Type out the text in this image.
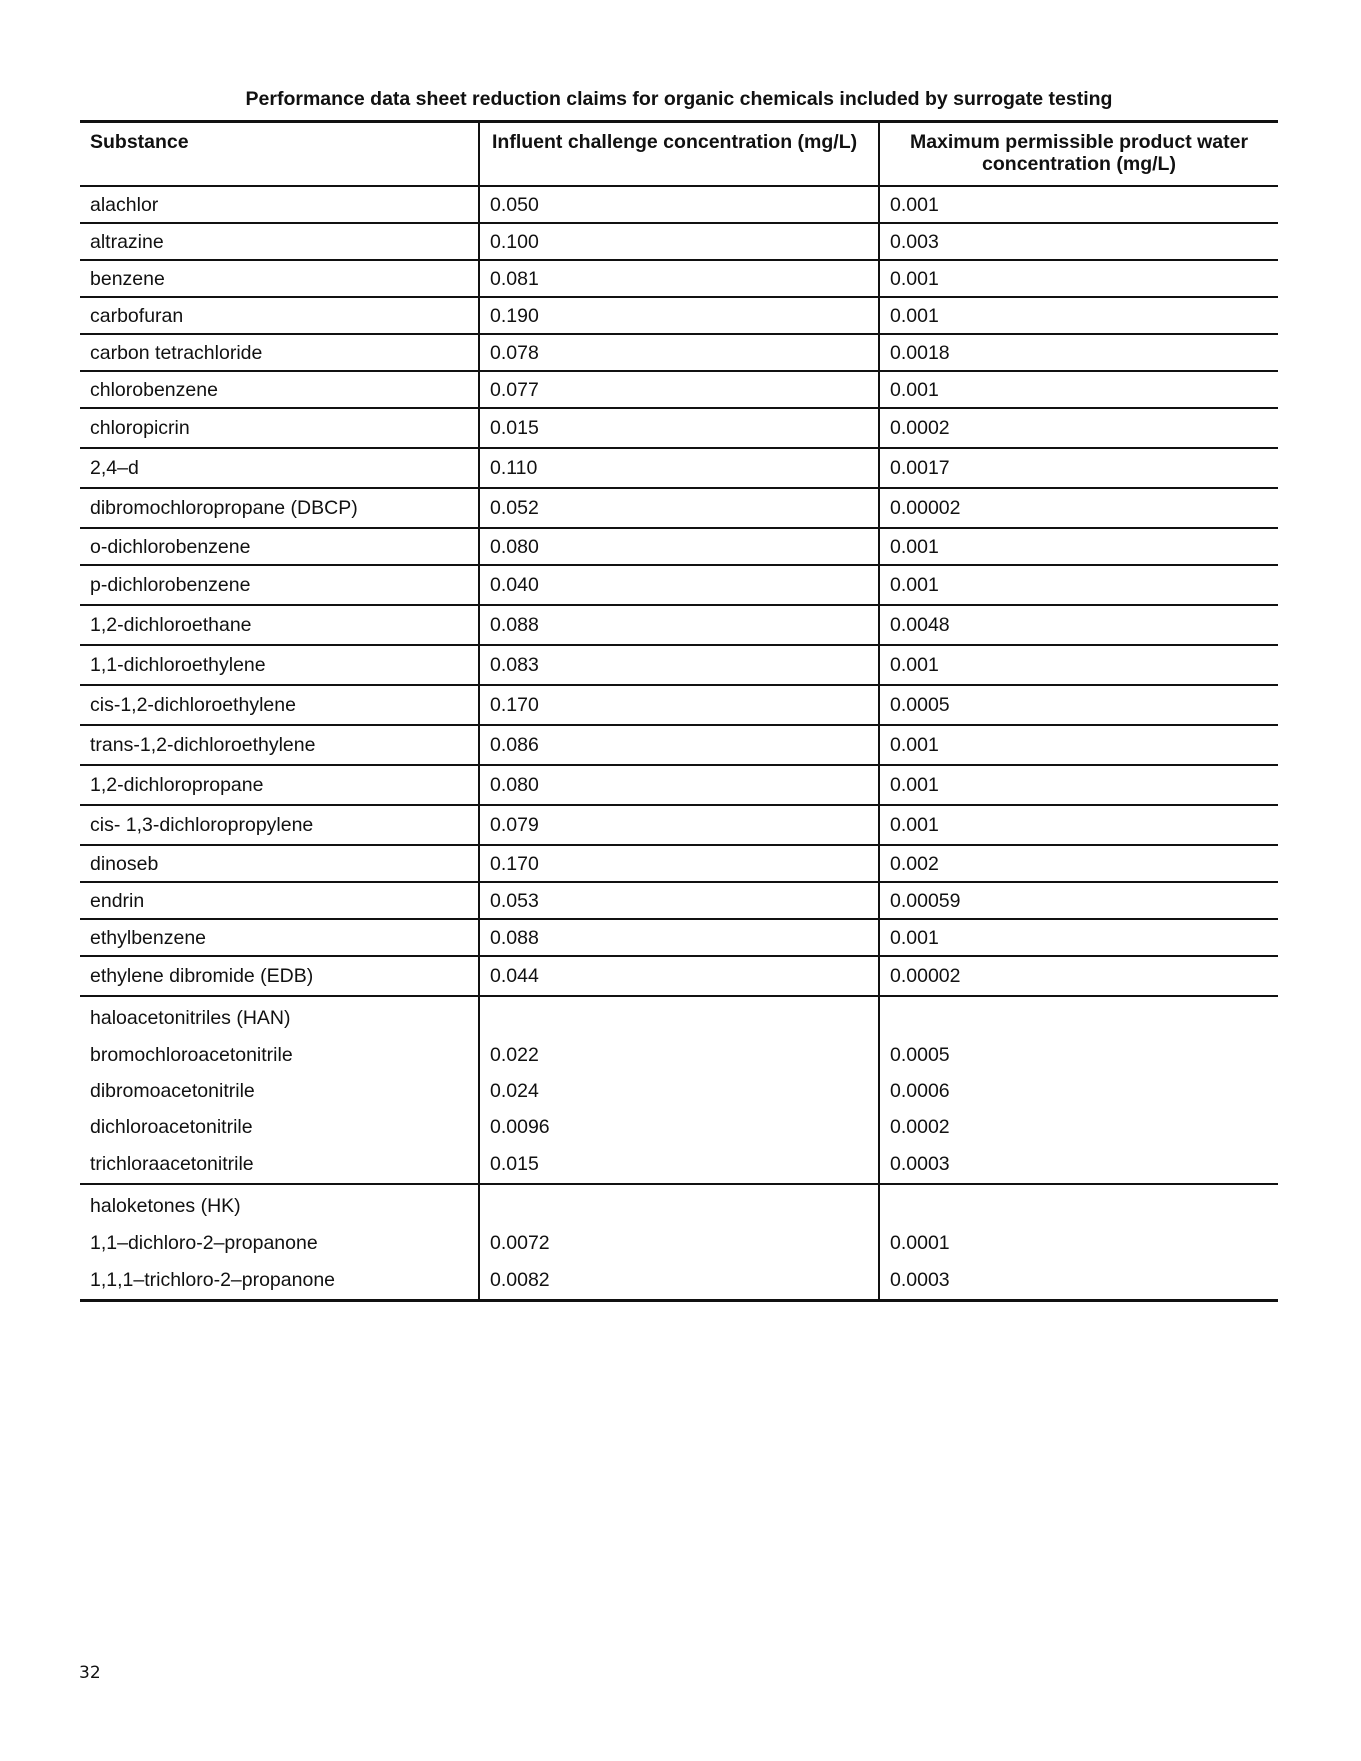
Performance data sheet reduction claims for organic chemicals included by surrogate testing
Substance	Influent challenge concentration (mg/L)	Maximum permissible product water concentration (mg/L)
alachlor	0.050	0.001
altrazine	0.100	0.003
benzene	0.081	0.001
carbofuran	0.190	0.001
carbon tetrachloride	0.078	0.0018
chlorobenzene	0.077	0.001
chloropicrin	0.015	0.0002
2,4–d	0.110	0.0017
dibromochloropropane (DBCP)	0.052	0.00002
o-dichlorobenzene	0.080	0.001
p-dichlorobenzene	0.040	0.001
1,2-dichloroethane	0.088	0.0048
1,1-dichloroethylene	0.083	0.001
cis-1,2-dichloroethylene	0.170	0.0005
trans-1,2-dichloroethylene	0.086	0.001
1,2-dichloropropane	0.080	0.001
cis- 1,3-dichloropropylene	0.079	0.001
dinoseb	0.170	0.002
endrin	0.053	0.00059
ethylbenzene	0.088	0.001
ethylene dibromide (EDB)	0.044	0.00002
haloacetonitriles (HAN)		
bromochloroacetonitrile	0.022	0.0005
dibromoacetonitrile	0.024	0.0006
dichloroacetonitrile	0.0096	0.0002
trichloraacetonitrile	0.015	0.0003
haloketones (HK)		
1,1–dichloro-2–propanone	0.0072	0.0001
1,1,1–trichloro-2–propanone	0.0082	0.0003
32
